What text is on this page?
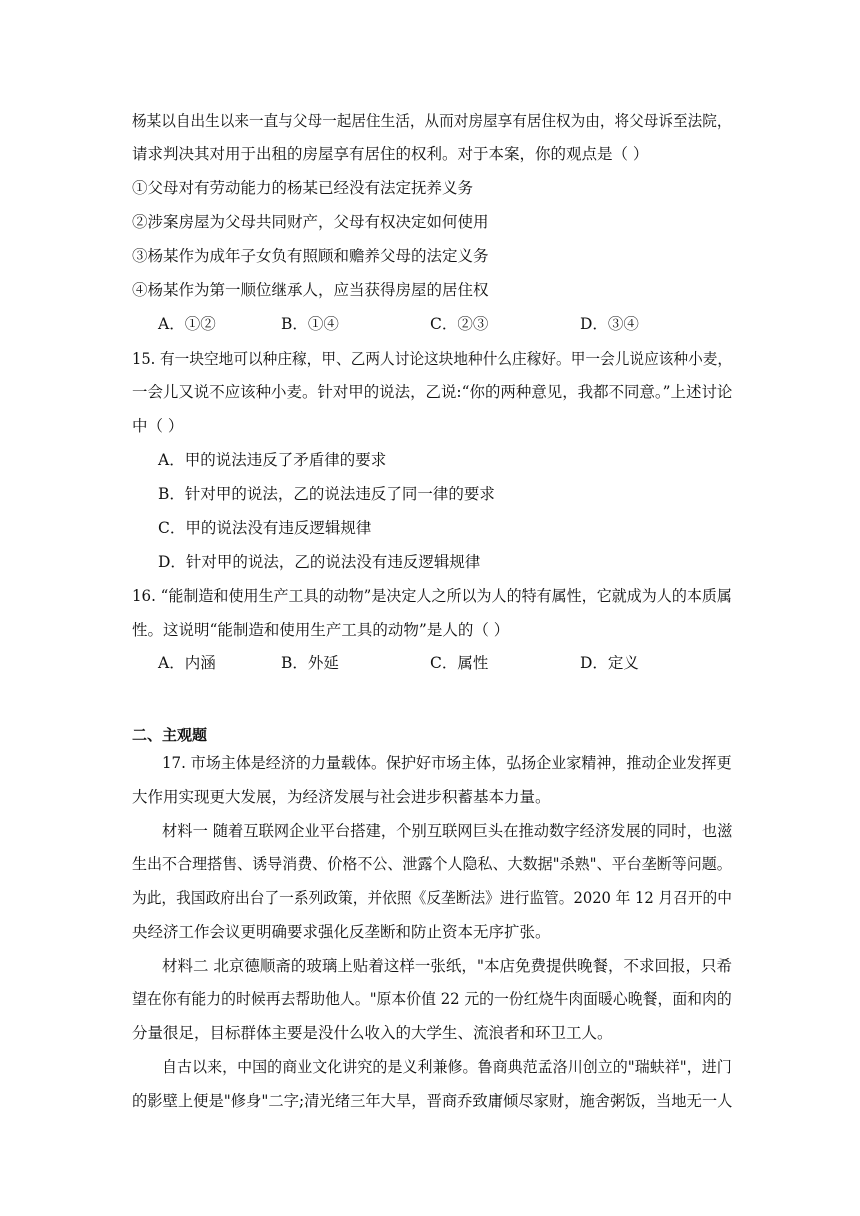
杨某以自出生以来一直与父母一起居住生活，从而对房屋享有居住权为由，将父母诉至法院，
请求判决其对用于出租的房屋享有居住的权利。对于本案，你的观点是（ ）
①父母对有劳动能力的杨某已经没有法定抚养义务
②涉案房屋为父母共同财产，父母有权决定如何使用
③杨某作为成年子女负有照顾和赡养父母的法定义务
④杨某作为第一顺位继承人，应当获得房屋的居住权
A．①②	B．①④	C．②③	D．③④
15. 有一块空地可以种庄稼，甲、乙两人讨论这块地种什么庄稼好。甲一会儿说应该种小麦，
一会儿又说不应该种小麦。针对甲的说法，乙说:“你的两种意见，我都不同意。”上述讨论
中（ ）
A．甲的说法违反了矛盾律的要求
B．针对甲的说法，乙的说法违反了同一律的要求
C．甲的说法没有违反逻辑规律
D．针对甲的说法，乙的说法没有违反逻辑规律
16. “能制造和使用生产工具的动物”是决定人之所以为人的特有属性，它就成为人的本质属
性。这说明“能制造和使用生产工具的动物”是人的（ ）
A．内涵	B．外延	C．属性	D．定义
二、主观题
17. 市场主体是经济的力量载体。保护好市场主体，弘扬企业家精神，推动企业发挥更
大作用实现更大发展，为经济发展与社会进步积蓄基本力量。
材料一 随着互联网企业平台搭建，个别互联网巨头在推动数字经济发展的同时，也滋
生出不合理搭售、诱导消费、价格不公、泄露个人隐私、大数据"杀熟"、平台垄断等问题。
为此，我国政府出台了一系列政策，并依照《反垄断法》进行监管。2020 年 12 月召开的中
央经济工作会议更明确要求强化反垄断和防止资本无序扩张。
材料二 北京德顺斋的玻璃上贴着这样一张纸，"本店免费提供晚餐，不求回报，只希
望在你有能力的时候再去帮助他人。"原本价值 22 元的一份红烧牛肉面暖心晚餐，面和肉的
分量很足，目标群体主要是没什么收入的大学生、流浪者和环卫工人。
自古以来，中国的商业文化讲究的是义利兼修。鲁商典范孟洛川创立的"瑞蚨祥"，进门
的影壁上便是"修身"二字;清光绪三年大旱，晋商乔致庸倾尽家财，施舍粥饭，当地无一人
